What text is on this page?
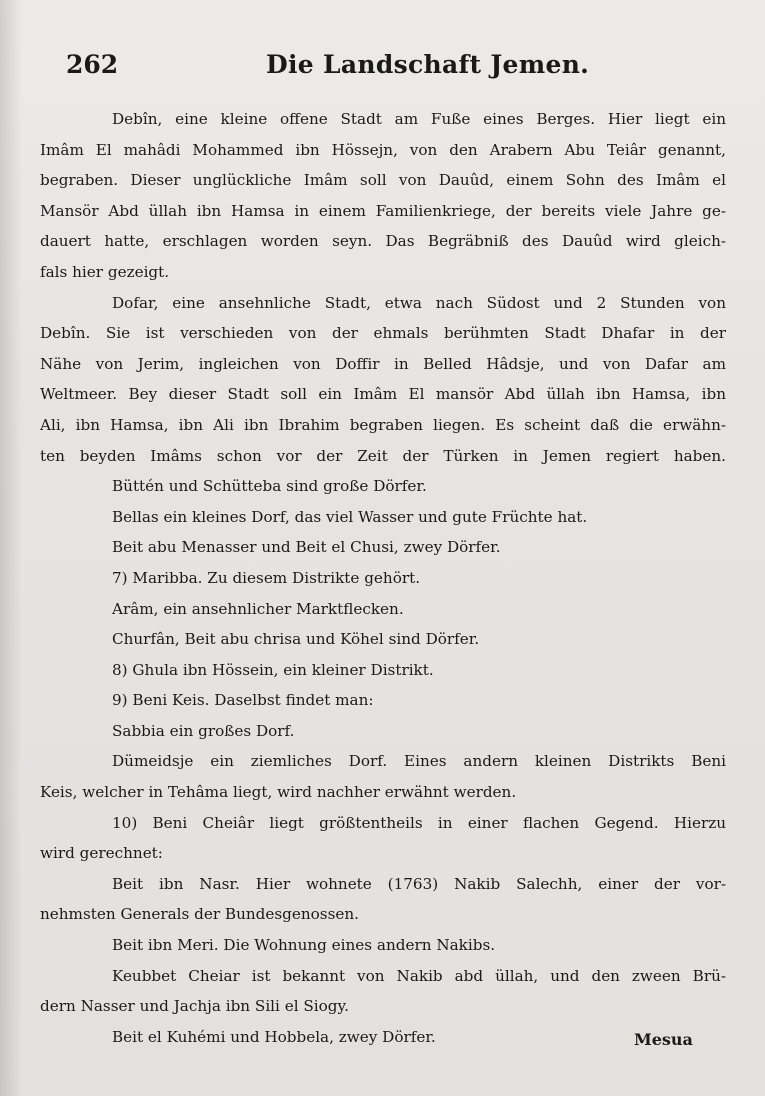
262	Die Landschaft Jemen.
Debîn, eine kleine offene Stadt am Fuße eines Berges. Hier liegt ein
Imâm El mahâdi Mohammed ibn Hössejn, von den Arabern Abu Teiâr genannt,
begraben. Dieser unglückliche Imâm soll von Dauûd, einem Sohn des Imâm el
Mansör Abd üllah ibn Hamsa in einem Familienkriege, der bereits viele Jahre ge-
dauert hatte, erschlagen worden seyn. Das Begräbniß des Dauûd wird gleich-
fals hier gezeigt.
Dofar, eine ansehnliche Stadt, etwa nach Südost und 2 Stunden von
Debîn. Sie ist verschieden von der ehmals berühmten Stadt Dhafar in der
Nähe von Jerim, ingleichen von Doffir in Belled Hâdsje, und von Dafar am
Weltmeer. Bey dieser Stadt soll ein Imâm El mansör Abd üllah ibn Hamsa, ibn
Ali, ibn Hamsa, ibn Ali ibn Ibrahim begraben liegen. Es scheint daß die erwähn-
ten beyden Imâms schon vor der Zeit der Türken in Jemen regiert haben.
Büttén und Schütteba sind große Dörfer.
Bellas ein kleines Dorf, das viel Wasser und gute Früchte hat.
Beit abu Menasser und Beit el Chusi, zwey Dörfer.
7) Maribba. Zu diesem Distrikte gehört.
Arâm, ein ansehnlicher Marktflecken.
Churfân, Beit abu chrisa und Köhel sind Dörfer.
8) Ghula ibn Hössein, ein kleiner Distrikt.
9) Beni Keis. Daselbst findet man:
Sabbia ein großes Dorf.
Dümeidsje ein ziemliches Dorf. Eines andern kleinen Distrikts Beni
Keis, welcher in Tehâma liegt, wird nachher erwähnt werden.
10) Beni Cheiâr liegt größtentheils in einer flachen Gegend. Hierzu
wird gerechnet:
Beit ibn Nasr. Hier wohnete (1763) Nakib Salechh, einer der vor-
nehmsten Generals der Bundesgenossen.
Beit ibn Meri. Die Wohnung eines andern Nakibs.
Keubbet Cheiar ist bekannt von Nakib abd üllah, und den zween Brü-
dern Nasser und Jachja ibn Sili el Siogy.
Beit el Kuhémi und Hobbela, zwey Dörfer.	Mesua
